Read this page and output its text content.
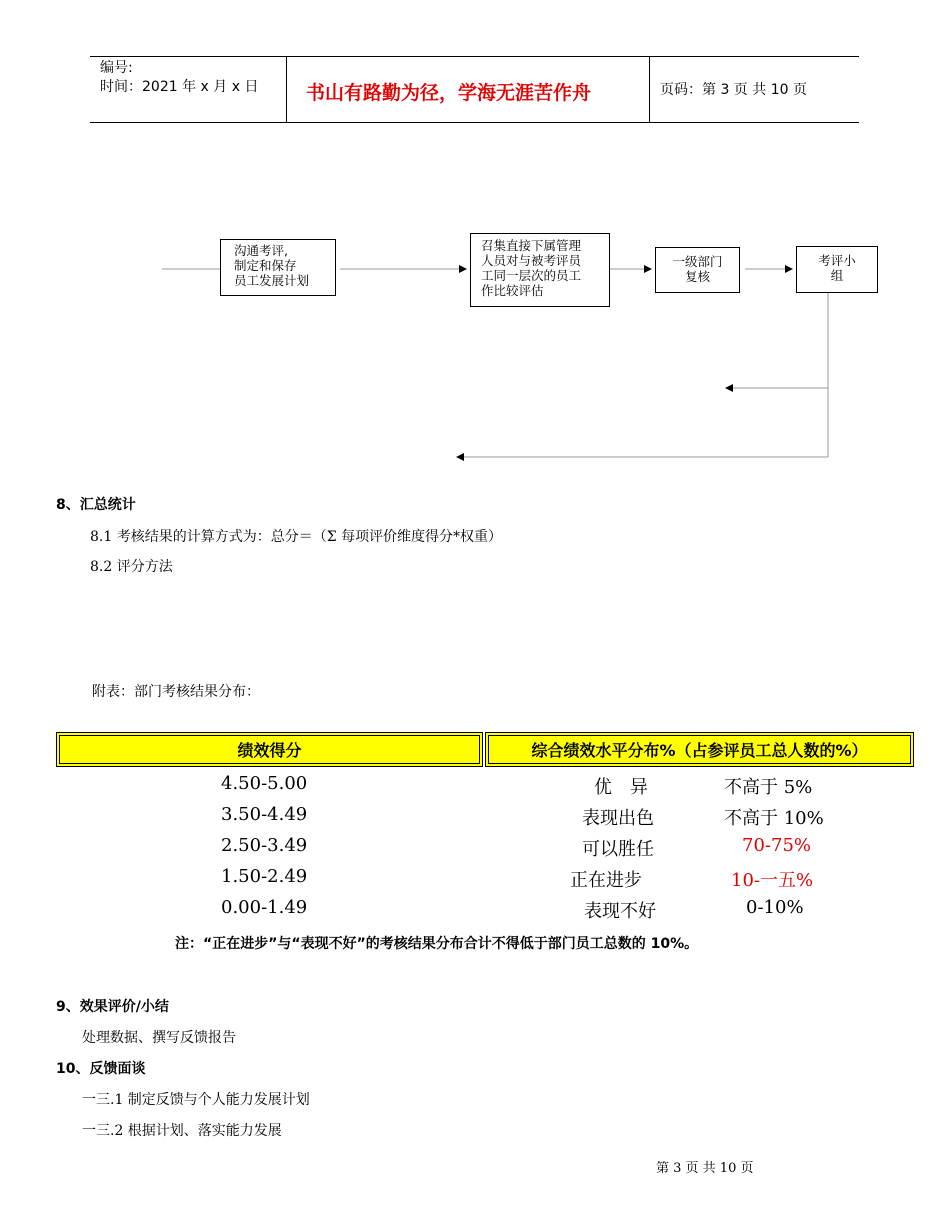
编号:
时间：2021 年 x 月 x 日	书山有路勤为径，学海无涯苦作舟	页码：第 3 页 共 10 页
沟通考评,
制定和保存
员工发展计划
召集直接下属管理
人员对与被考评员
工同一层次的员工
作比较评估
一级部门
复核
考评小
组
8、汇总统计
8.1 考核结果的计算方式为：总分＝（Σ 每项评价维度得分*权重）
8.2 评分方法
附表：部门考核结果分布：
绩效得分	综合绩效水平分布%（占参评员工总人数的%）
4.50-5.00	优　异	不高于 5%
3.50-4.49	表现出色	不高于 10%
2.50-3.49	可以胜任	70-75%
1.50-2.49	正在进步	10-一五%
0.00-1.49	表现不好	0-10%
注：“正在进步”与“表现不好”的考核结果分布合计不得低于部门员工总数的 10%。
9、效果评价/小结
处理数据、撰写反馈报告
10、反馈面谈
一三.1 制定反馈与个人能力发展计划
一三.2 根据计划、落实能力发展
第 3 页 共 10 页
